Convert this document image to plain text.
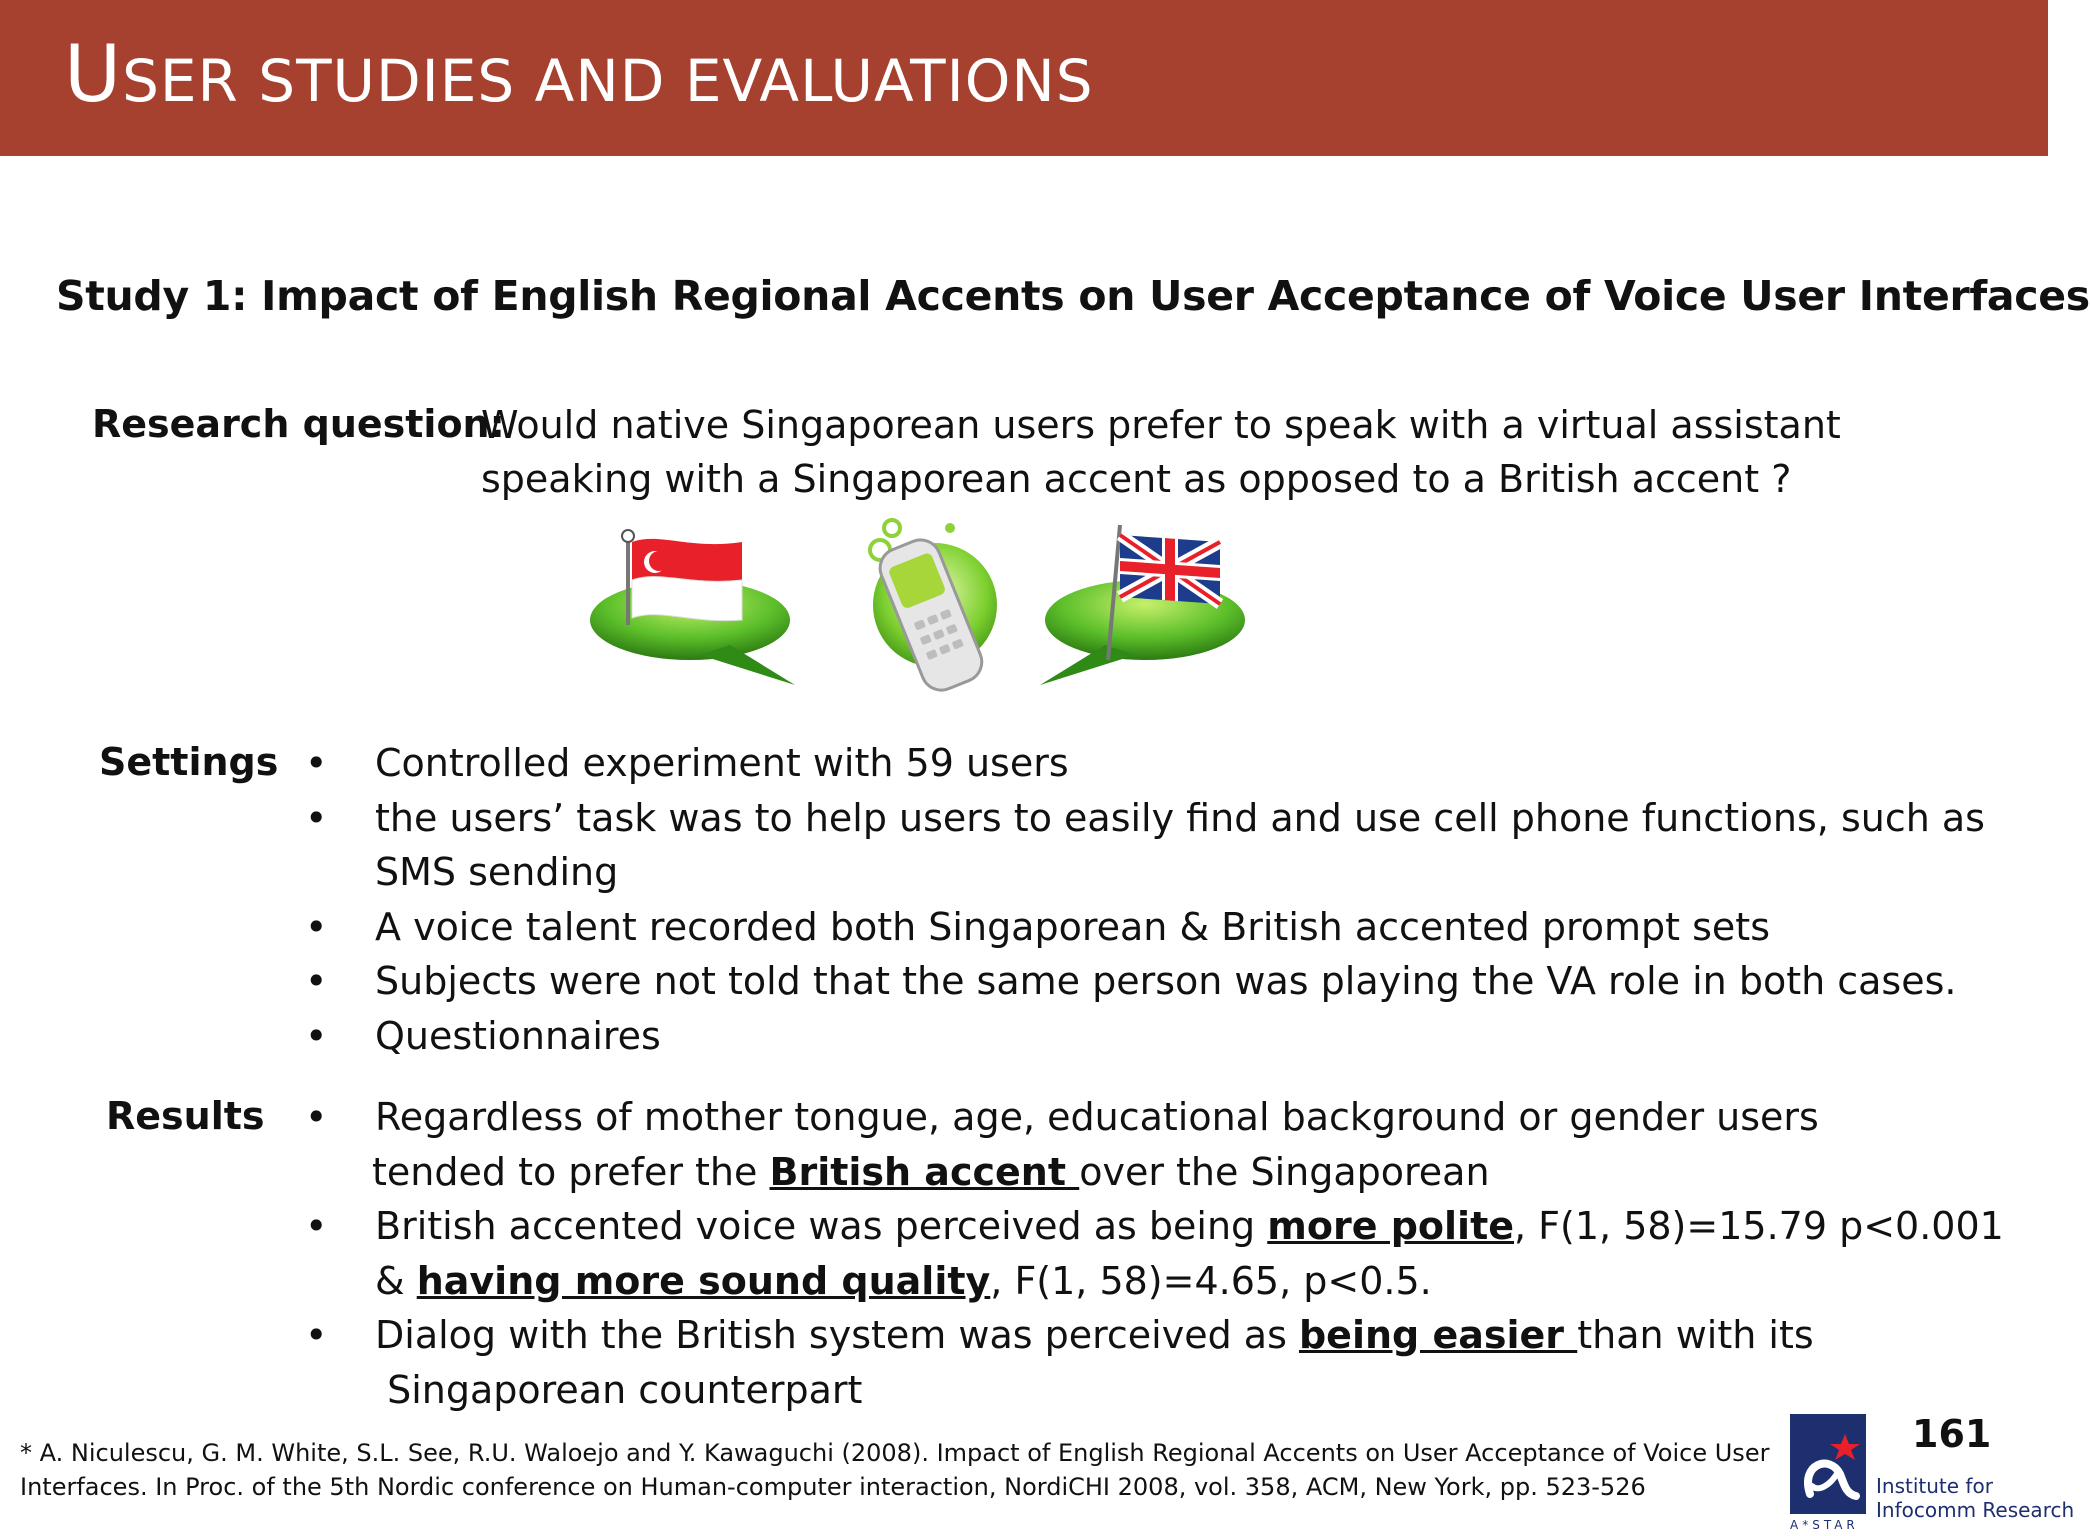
USER STUDIES AND EVALUATIONS
Study 1: Impact of English Regional Accents on User Acceptance of Voice User Interfaces
Research question:
Would native Singaporean users prefer to speak with a virtual assistant
speaking with a Singaporean accent as opposed to a British accent ?
Settings • Controlled experiment with 59 users
• the users’ task was to help users to easily find and use cell phone functions, such as
SMS sending
• A voice talent recorded both Singaporean & British accented prompt sets
• Subjects were not told that the same person was playing the VA role in both cases.
• Questionnaires
Results • Regardless of mother tongue, age, educational background or gender users
tended to prefer the British accent over the Singaporean
• British accented voice was perceived as being more polite, F(1, 58)=15.79 p<0.001
& having more sound quality, F(1, 58)=4.65, p<0.5.
• Dialog with the British system was perceived as being easier than with its
Singaporean counterpart
* A. Niculescu, G. M. White, S.L. See, R.U. Waloejo and Y. Kawaguchi (2008). Impact of English Regional Accents on User Acceptance of Voice User
Interfaces. In Proc. of the 5th Nordic conference on Human-computer interaction, NordiCHI 2008, vol. 358, ACM, New York, pp. 523-526
161
Institute for
Infocomm Research
A*STAR
